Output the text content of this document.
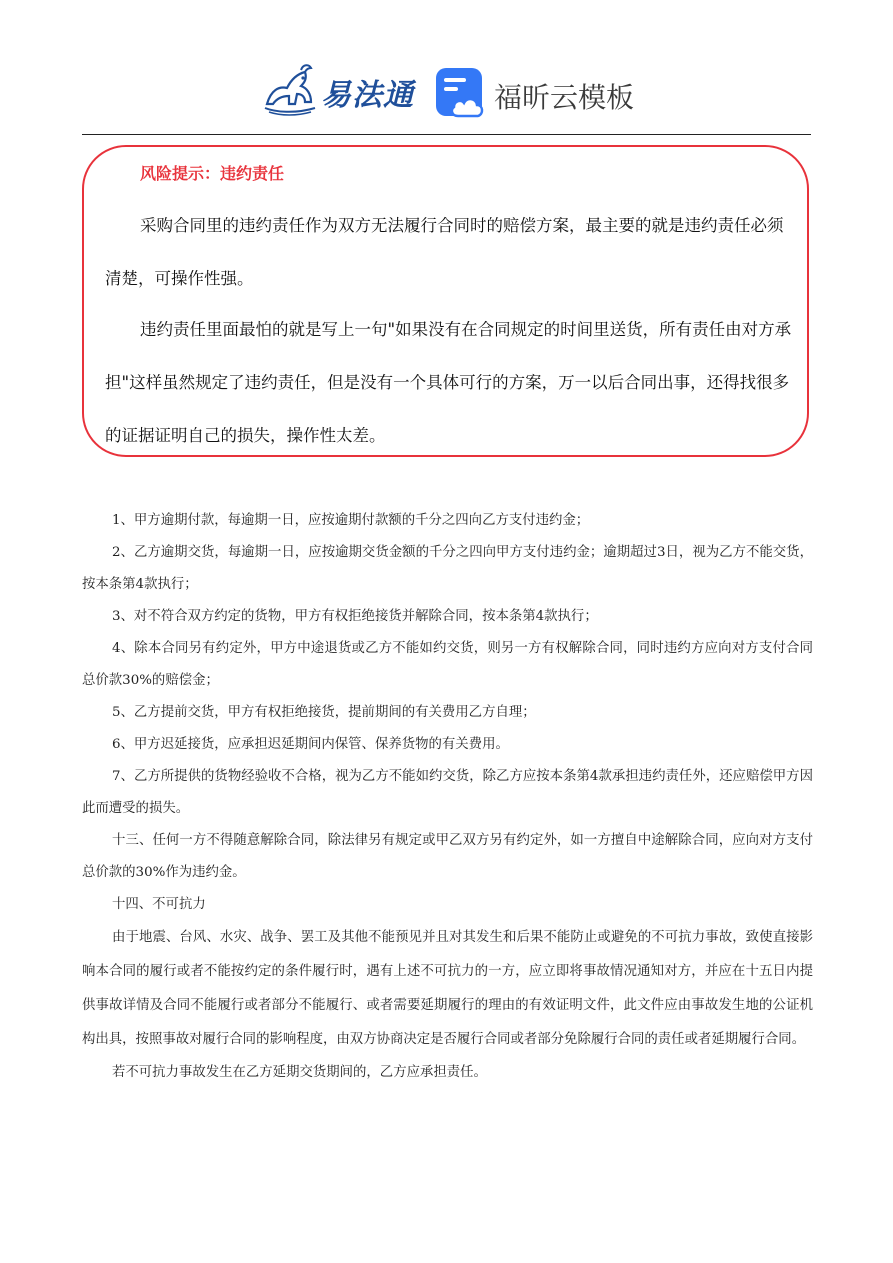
易法通	福昕云模板
风险提示：违约责任

采购合同里的违约责任作为双方无法履行合同时的赔偿方案，最主要的就是违约责任必须清楚，可操作性强。

违约责任里面最怕的就是写上一句"如果没有在合同规定的时间里送货，所有责任由对方承担"这样虽然规定了违约责任，但是没有一个具体可行的方案，万一以后合同出事，还得找很多的证据证明自己的损失，操作性太差。

1、甲方逾期付款，每逾期一日，应按逾期付款额的千分之四向乙方支付违约金；

2、乙方逾期交货，每逾期一日，应按逾期交货金额的千分之四向甲方支付违约金；逾期超过3日，视为乙方不能交货，按本条第4款执行；

3、对不符合双方约定的货物，甲方有权拒绝接货并解除合同，按本条第4款执行；

4、除本合同另有约定外，甲方中途退货或乙方不能如约交货，则另一方有权解除合同，同时违约方应向对方支付合同总价款30%的赔偿金；

5、乙方提前交货，甲方有权拒绝接货，提前期间的有关费用乙方自理；

6、甲方迟延接货，应承担迟延期间内保管、保养货物的有关费用。

7、乙方所提供的货物经验收不合格，视为乙方不能如约交货，除乙方应按本条第4款承担违约责任外，还应赔偿甲方因此而遭受的损失。

十三、任何一方不得随意解除合同，除法律另有规定或甲乙双方另有约定外，如一方擅自中途解除合同，应向对方支付总价款的30%作为违约金。

十四、不可抗力

由于地震、台风、水灾、战争、罢工及其他不能预见并且对其发生和后果不能防止或避免的不可抗力事故，致使直接影响本合同的履行或者不能按约定的条件履行时，遇有上述不可抗力的一方，应立即将事故情况通知对方，并应在十五日内提供事故详情及合同不能履行或者部分不能履行、或者需要延期履行的理由的有效证明文件，此文件应由事故发生地的公证机构出具，按照事故对履行合同的影响程度，由双方协商决定是否履行合同或者部分免除履行合同的责任或者延期履行合同。

若不可抗力事故发生在乙方延期交货期间的，乙方应承担责任。
